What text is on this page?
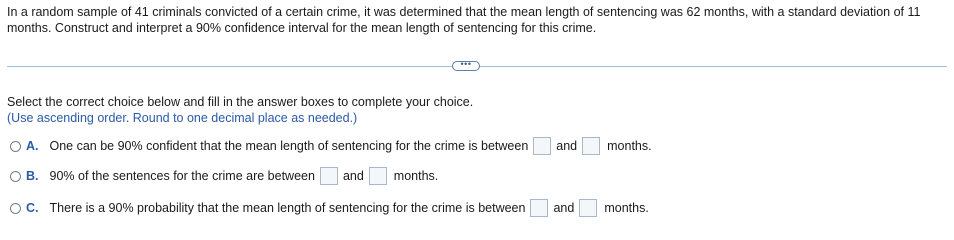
In a random sample of 41 criminals convicted of a certain crime, it was determined that the mean length of sentencing was 62 months, with a standard deviation of 11 months. Construct and interpret a 90% confidence interval for the mean length of sentencing for this crime.
•••
Select the correct choice below and fill in the answer boxes to complete your choice.
(Use ascending order. Round to one decimal place as needed.)
A. One can be 90% confident that the mean length of sentencing for the crime is between and months.
B. 90% of the sentences for the crime are between and months.
C. There is a 90% probability that the mean length of sentencing for the crime is between and months.
